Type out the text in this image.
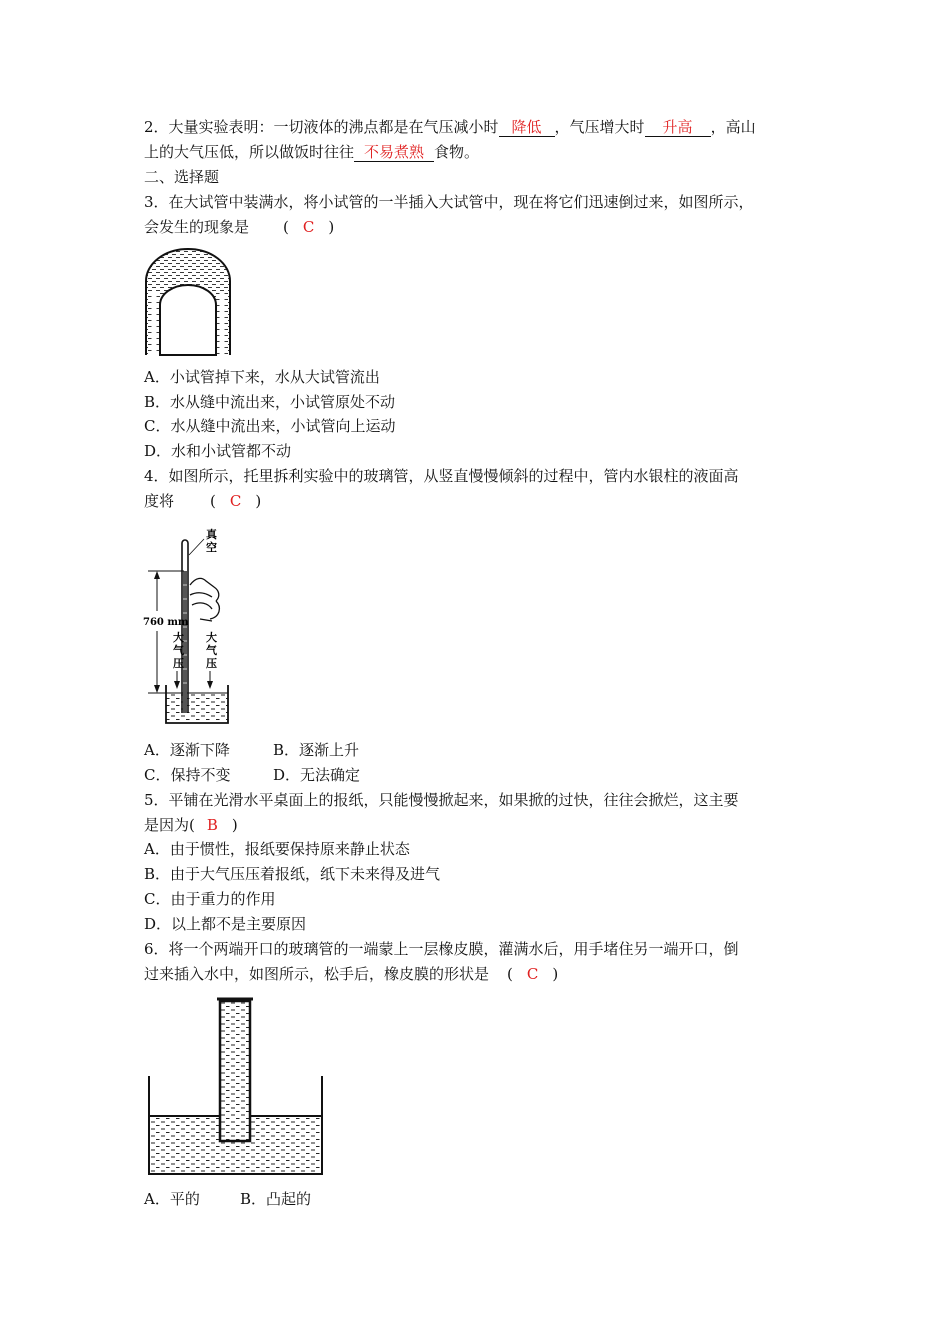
2．大量实验表明：一切液体的沸点都是在气压减小时 降低 ，气压增大时 升高 ，高山
上的大气压低，所以做饭时往往 不易煮熟 食物。
二、选择题
3．在大试管中装满水，将小试管的一半插入大试管中，现在将它们迅速倒过来，如图所示，
会发生的现象是 ( C )
A．小试管掉下来，水从大试管流出
B．水从缝中流出来，小试管原处不动
C．水从缝中流出来，小试管向上运动
D．水和小试管都不动
4．如图所示，托里拆利实验中的玻璃管，从竖直慢慢倾斜的过程中，管内水银柱的液面高
度将 ( C )
真
空
760 mm
大
气
压
大
气
压
A．逐渐下降	B．逐渐上升
C．保持不变	D．无法确定
5．平铺在光滑水平桌面上的报纸，只能慢慢掀起来，如果掀的过快，往往会掀烂，这主要
是因为( B )
A．由于惯性，报纸要保持原来静止状态
B．由于大气压压着报纸，纸下未来得及进气
C．由于重力的作用
D．以上都不是主要原因
6．将一个两端开口的玻璃管的一端蒙上一层橡皮膜，灌满水后，用手堵住另一端开口，倒
过来插入水中，如图所示，松手后，橡皮膜的形状是 ( C )
A．平的	B．凸起的
